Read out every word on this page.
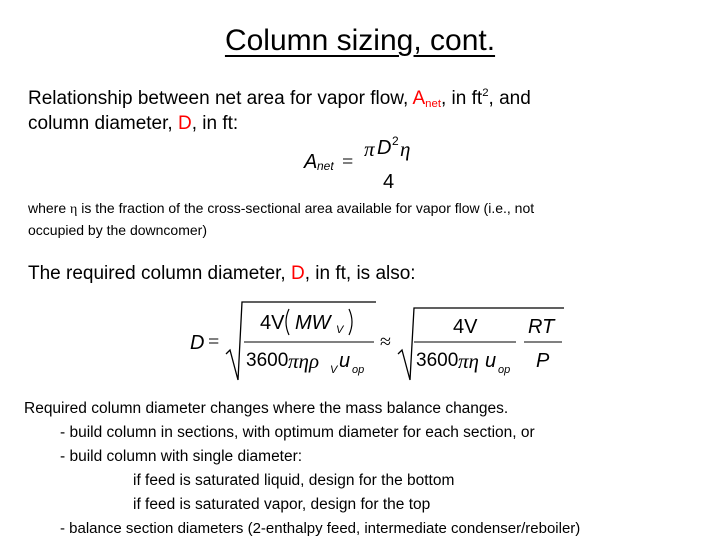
Column sizing, cont.
Relationship between net area for vapor flow, $A_{net}$, in $ft^2$, and
column diameter, D, in ft:
A net =
π D 2 η
4
where η is the fraction of the cross-sectional area available for vapor flow (i.e., not
occupied by the downcomer)
The required column diameter, D, in ft, is also:
D =
4V MW V
3600 πηρ V u op
≈
4V
3600 πη u op
RT
P
Required column diameter changes where the mass balance changes.
- build column in sections, with optimum diameter for each section, or
- build column with single diameter:
if feed is saturated liquid, design for the bottom
if feed is saturated vapor, design for the top
- balance section diameters (2-enthalpy feed, intermediate condenser/reboiler)
